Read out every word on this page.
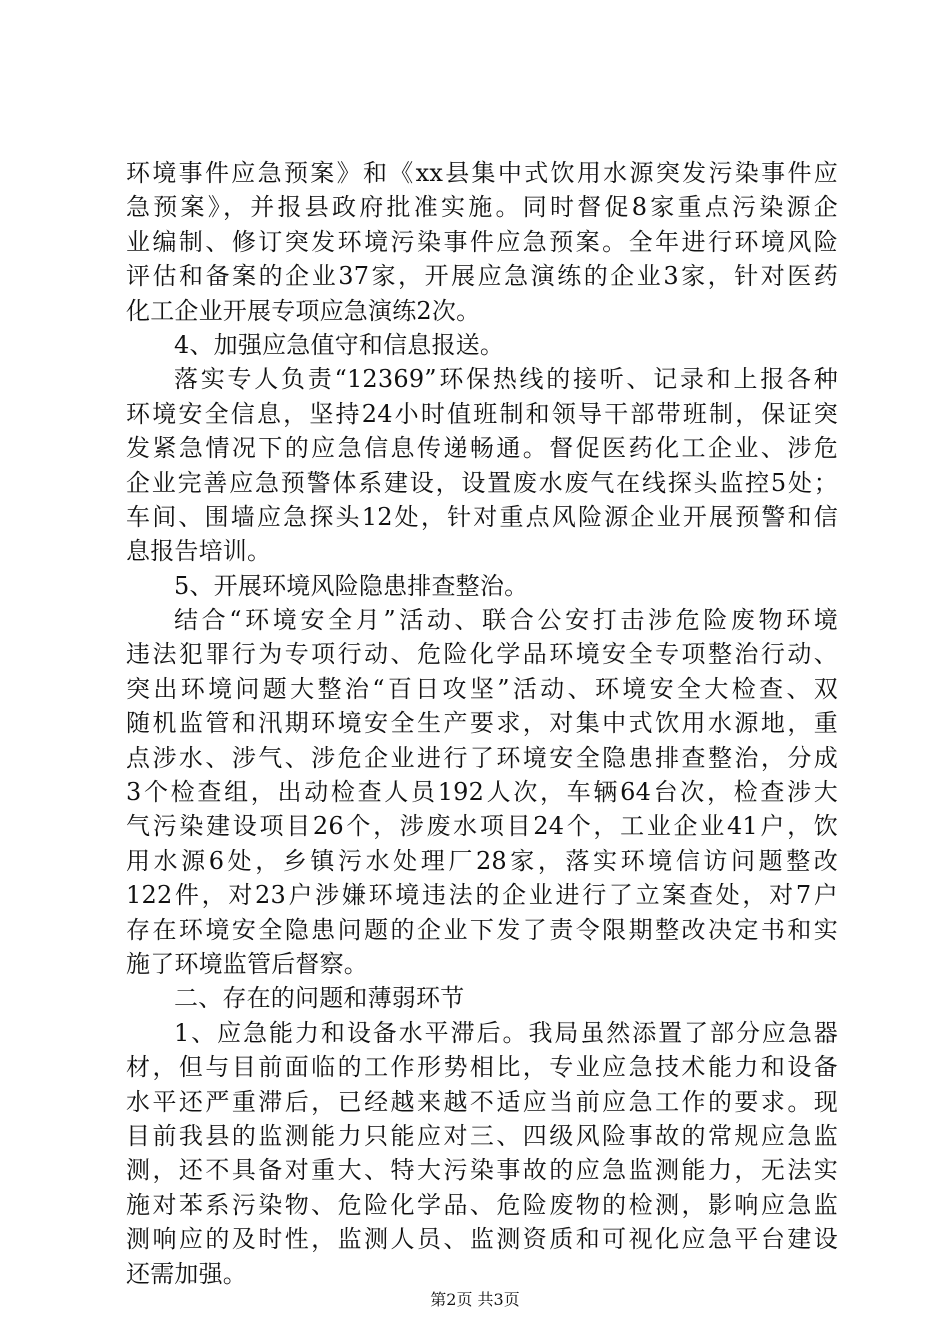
环境事件应急预案》和《xx县集中式饮用水源突发污染事件应
急预案》，并报县政府批准实施。同时督促8家重点污染源企
业编制、修订突发环境污染事件应急预案。全年进行环境风险
评估和备案的企业37家，开展应急演练的企业3家，针对医药
化工企业开展专项应急演练2次。
4、加强应急值守和信息报送。
落实专人负责“12369”环保热线的接听、记录和上报各种
环境安全信息，坚持24小时值班制和领导干部带班制，保证突
发紧急情况下的应急信息传递畅通。督促医药化工企业、涉危
企业完善应急预警体系建设，设置废水废气在线探头监控5处；
车间、围墙应急探头12处，针对重点风险源企业开展预警和信
息报告培训。
5、开展环境风险隐患排查整治。
结合“环境安全月”活动、联合公安打击涉危险废物环境
违法犯罪行为专项行动、危险化学品环境安全专项整治行动、
突出环境问题大整治“百日攻坚”活动、环境安全大检查、双
随机监管和汛期环境安全生产要求，对集中式饮用水源地，重
点涉水、涉气、涉危企业进行了环境安全隐患排查整治，分成
3个检查组，出动检查人员192人次，车辆64台次，检查涉大
气污染建设项目26个，涉废水项目24个，工业企业41户，饮
用水源6处，乡镇污水处理厂28家，落实环境信访问题整改
122件，对23户涉嫌环境违法的企业进行了立案查处，对7户
存在环境安全隐患问题的企业下发了责令限期整改决定书和实
施了环境监管后督察。
二、存在的问题和薄弱环节
1、应急能力和设备水平滞后。我局虽然添置了部分应急器
材，但与目前面临的工作形势相比，专业应急技术能力和设备
水平还严重滞后，已经越来越不适应当前应急工作的要求。现
目前我县的监测能力只能应对三、四级风险事故的常规应急监
测，还不具备对重大、特大污染事故的应急监测能力，无法实
施对苯系污染物、危险化学品、危险废物的检测，影响应急监
测响应的及时性，监测人员、监测资质和可视化应急平台建设
还需加强。
第2页 共3页
